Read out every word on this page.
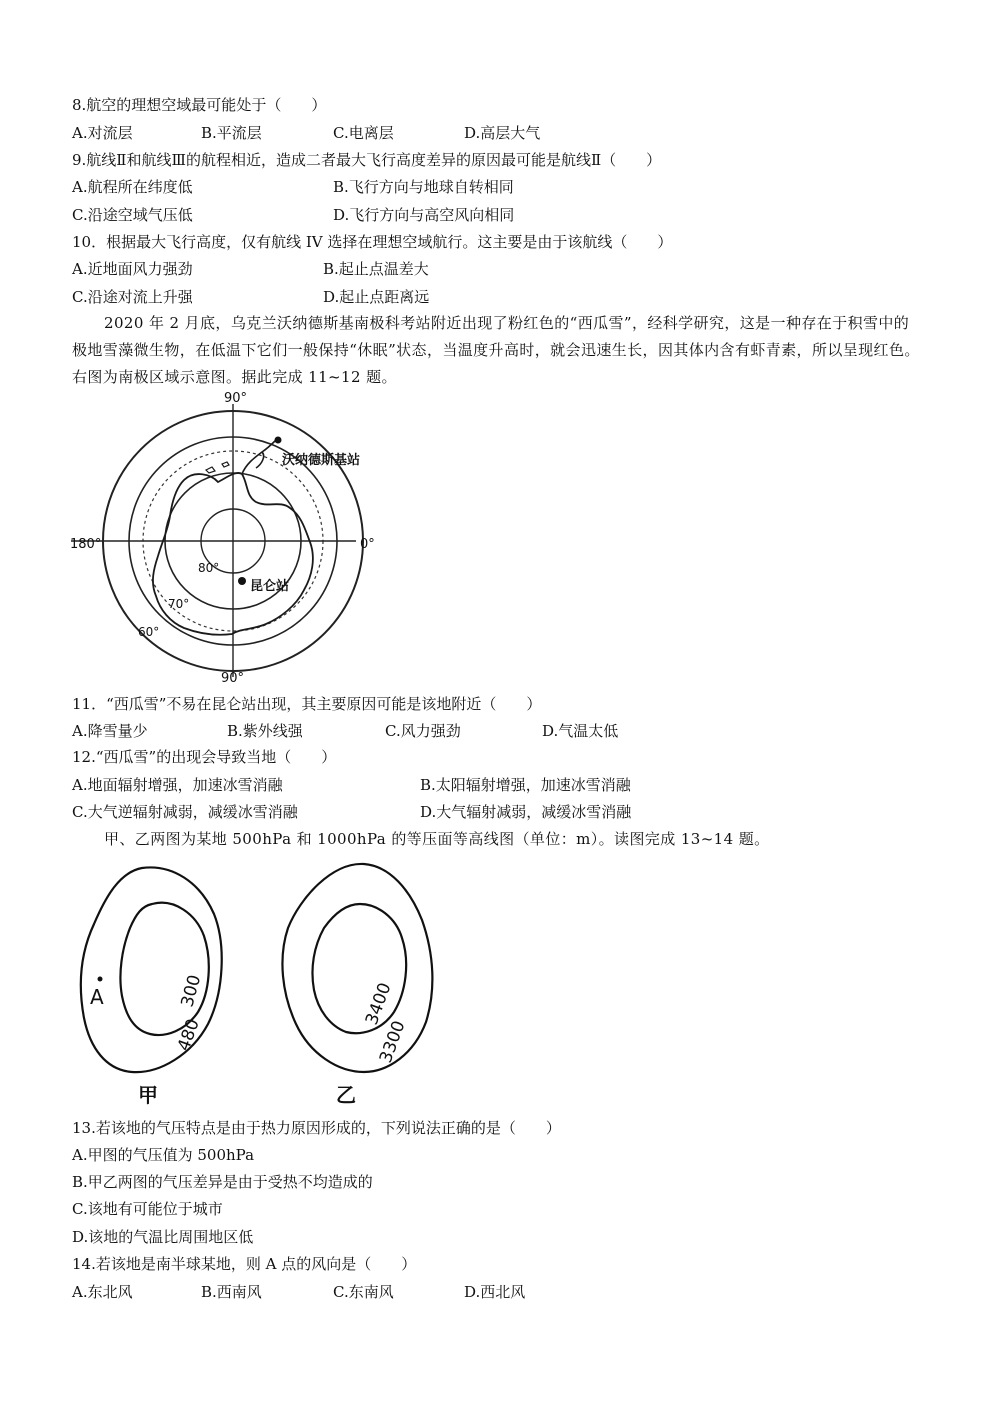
8.航空的理想空域最可能处于（　　）
A.对流层	B.平流层	C.电离层	D.高层大气
9.航线Ⅱ和航线Ⅲ的航程相近，造成二者最大飞行高度差异的原因最可能是航线Ⅱ（　　）
A.航程所在纬度低	B.飞行方向与地球自转相同
C.沿途空域气压低	D.飞行方向与高空风向相同
10．根据最大飞行高度，仅有航线 IV 选择在理想空域航行。这主要是由于该航线（　　）
A.近地面风力强劲	B.起止点温差大
C.沿途对流上升强	D.起止点距离远
2020 年 2 月底，乌克兰沃纳德斯基南极科考站附近出现了粉红色的“西瓜雪”，经科学研究，这是一种存在于积雪中的极地雪藻微生物，在低温下它们一般保持“休眠”状态，当温度升高时，就会迅速生长，因其体内含有虾青素，所以呈现红色。右图为南极区域示意图。据此完成 11~12 题。
90°
90°
180°	0°
80°
70°
60°
沃纳德斯基站
昆仑站
11．“西瓜雪”不易在昆仑站出现，其主要原因可能是该地附近（　　）
A.降雪量少	B.紫外线强	C.风力强劲	D.气温太低
12.“西瓜雪”的出现会导致当地（　　）
A.地面辐射增强，加速冰雪消融	B.太阳辐射增强，加速冰雪消融
C.大气逆辐射减弱，减缓冰雪消融	D.大气辐射减弱，减缓冰雪消融
甲、乙两图为某地 500hPa 和 1000hPa 的等压面等高线图（单位：m）。读图完成 13~14 题。
A	300
480
甲
3400
3300
乙
13.若该地的气压特点是由于热力原因形成的，下列说法正确的是（　　）
A.甲图的气压值为 500hPa
B.甲乙两图的气压差异是由于受热不均造成的
C.该地有可能位于城市
D.该地的气温比周围地区低
14.若该地是南半球某地，则 A 点的风向是（　　）
A.东北风	B.西南风	C.东南风	D.西北风
